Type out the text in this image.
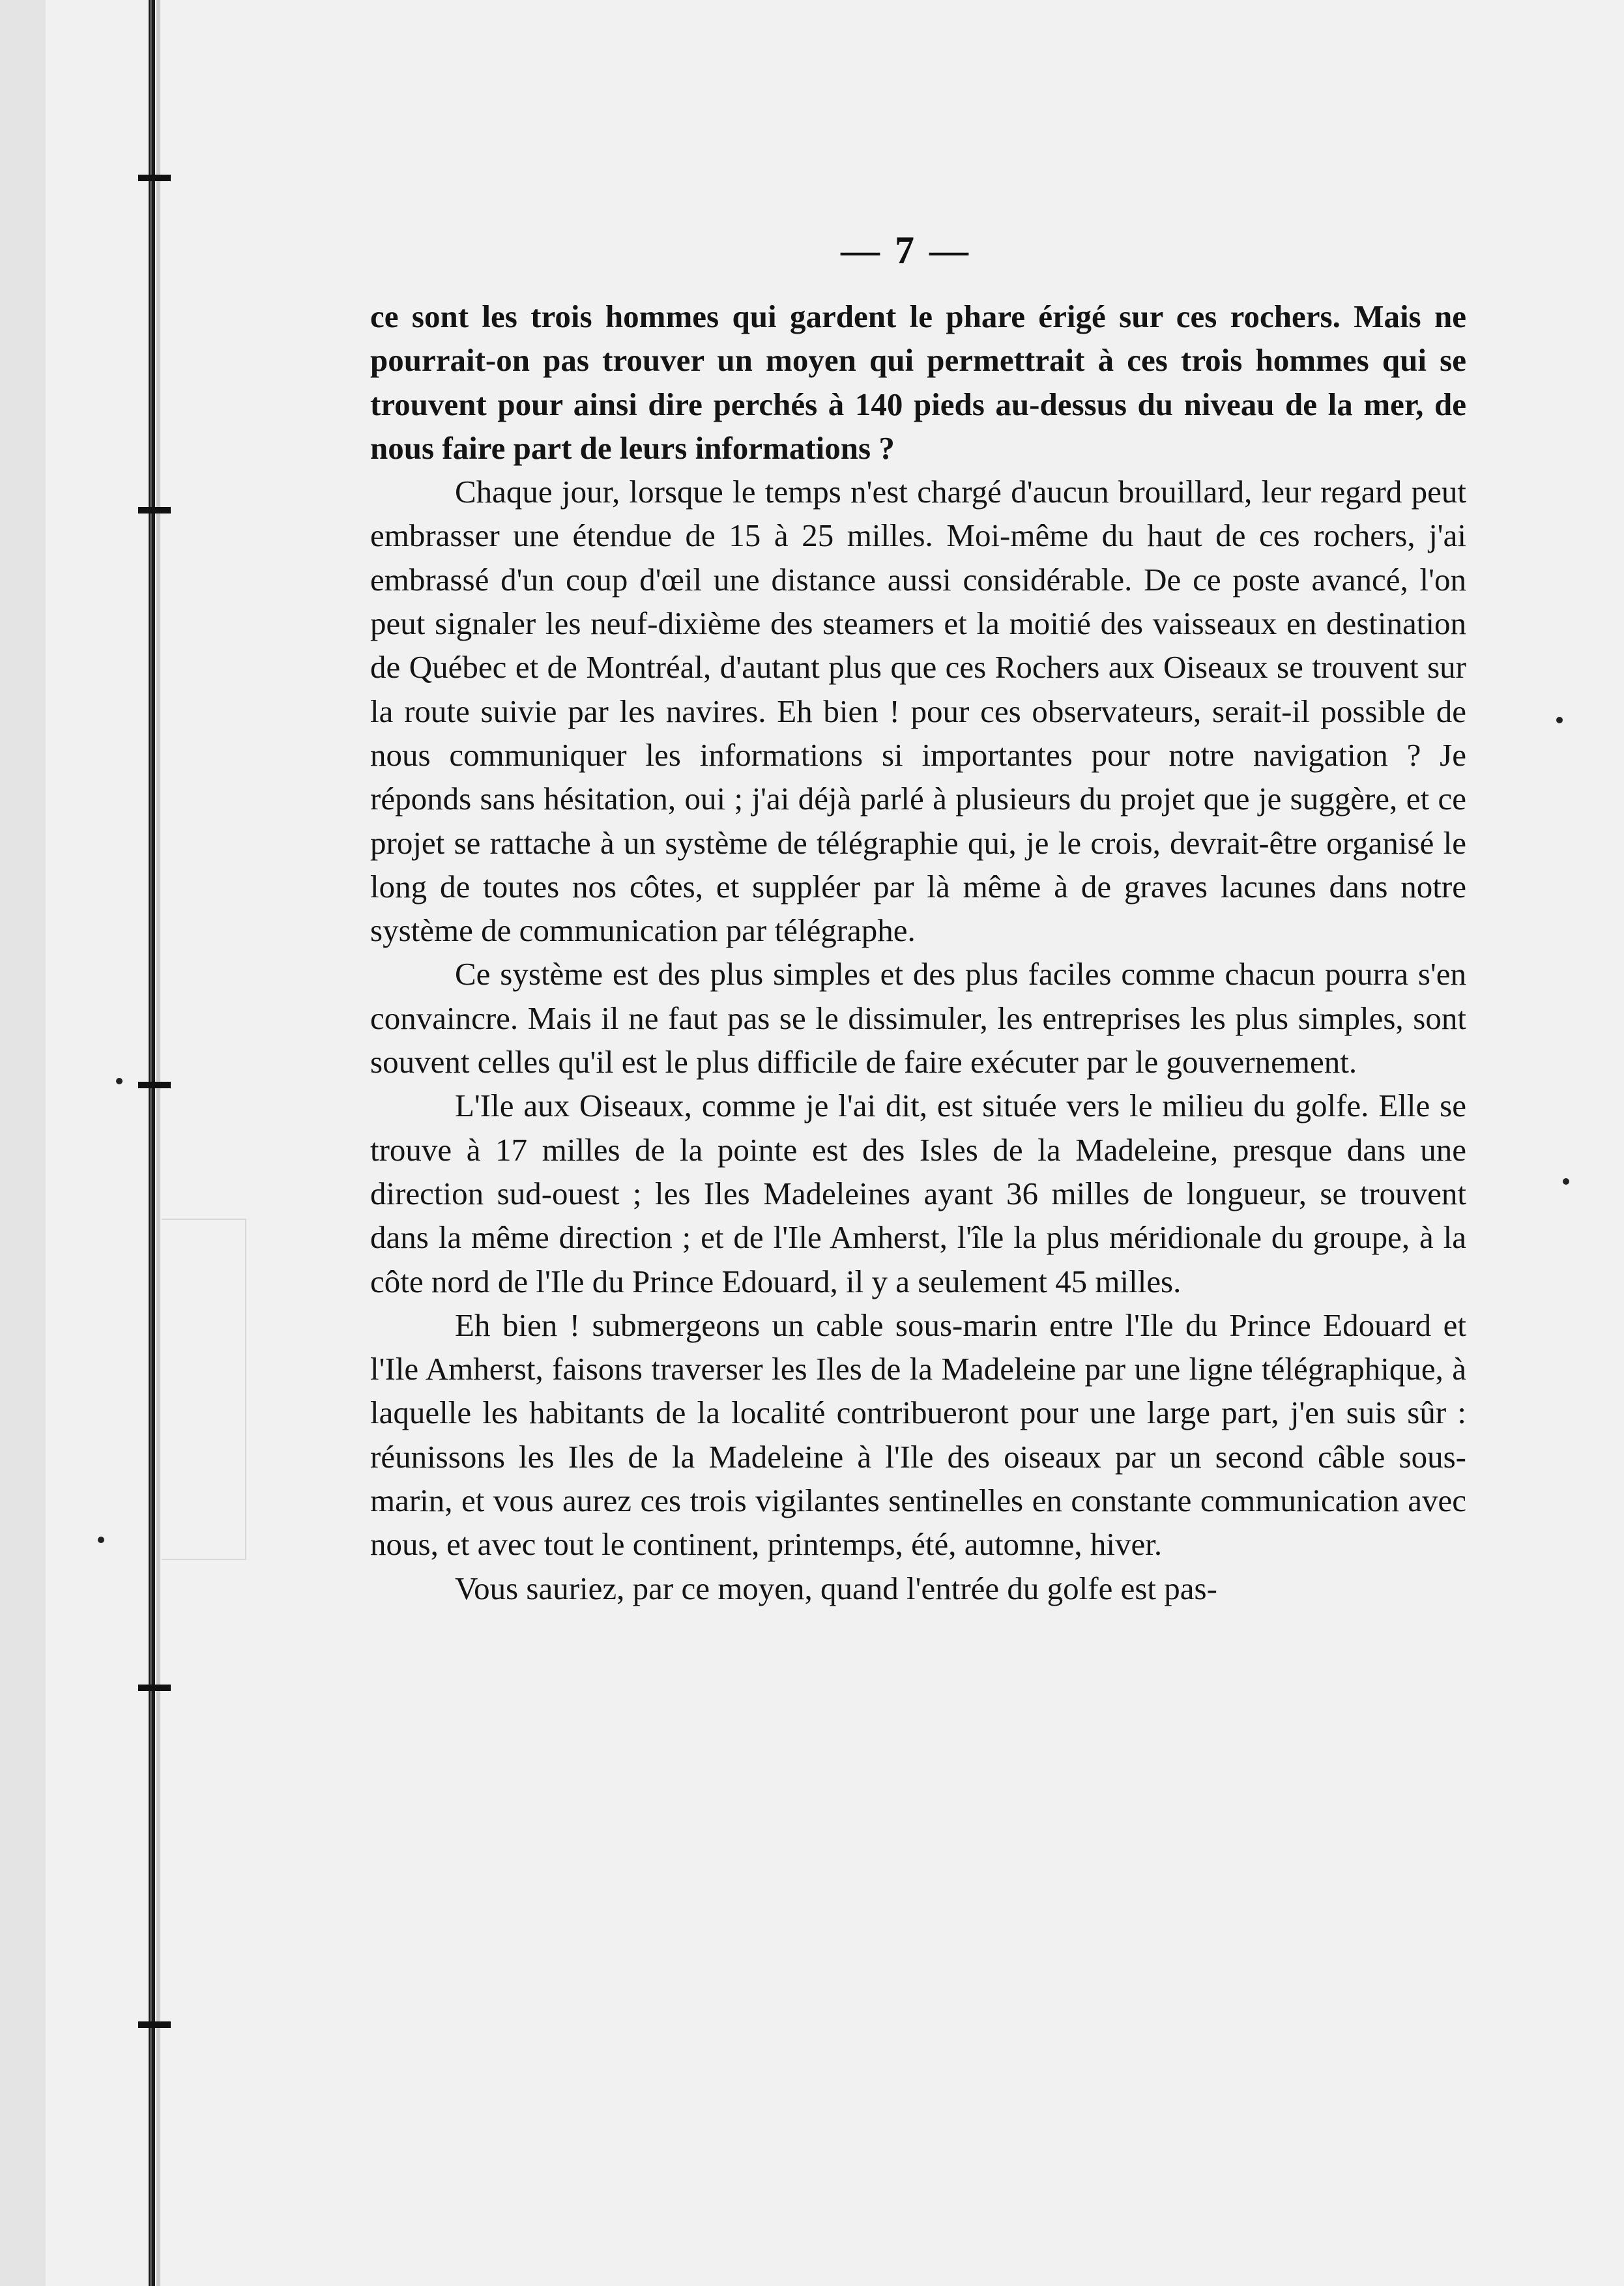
— 7 —

ce sont les trois hommes qui gardent le phare érigé sur ces rochers. Mais ne pourrait-on pas trouver un moyen qui permettrait à ces trois hommes qui se trouvent pour ainsi dire perchés à 140 pieds au-dessus du niveau de la mer, de nous faire part de leurs informations ?

Chaque jour, lorsque le temps n'est chargé d'aucun brouillard, leur regard peut embrasser une étendue de 15 à 25 milles. Moi-même du haut de ces rochers, j'ai embrassé d'un coup d'œil une distance aussi considérable. De ce poste avancé, l'on peut signaler les neuf-dixième des steamers et la moitié des vaisseaux en destination de Québec et de Montréal, d'autant plus que ces Rochers aux Oiseaux se trouvent sur la route suivie par les navires. Eh bien ! pour ces observateurs, serait-il possible de nous communiquer les informations si importantes pour notre navigation ? Je réponds sans hésitation, oui ; j'ai déjà parlé à plusieurs du projet que je suggère, et ce projet se rattache à un système de télégraphie qui, je le crois, devrait-être organisé le long de toutes nos côtes, et suppléer par là même à de graves lacunes dans notre système de communication par télégraphe.

Ce système est des plus simples et des plus faciles comme chacun pourra s'en convaincre. Mais il ne faut pas se le dissimuler, les entreprises les plus simples, sont souvent celles qu'il est le plus difficile de faire exécuter par le gouvernement.

L'Ile aux Oiseaux, comme je l'ai dit, est située vers le milieu du golfe. Elle se trouve à 17 milles de la pointe est des Isles de la Madeleine, presque dans une direction sud-ouest ; les Iles Madeleines ayant 36 milles de longueur, se trouvent dans la même direction ; et de l'Ile Amherst, l'île la plus méridionale du groupe, à la côte nord de l'Ile du Prince Edouard, il y a seulement 45 milles.

Eh bien ! submergeons un cable sous-marin entre l'Ile du Prince Edouard et l'Ile Amherst, faisons traverser les Iles de la Madeleine par une ligne télégraphique, à laquelle les habitants de la localité contribueront pour une large part, j'en suis sûr : réunissons les Iles de la Madeleine à l'Ile des oiseaux par un second câble sous-marin, et vous aurez ces trois vigilantes sentinelles en constante communication avec nous, et avec tout le continent, printemps, été, automne, hiver.

Vous sauriez, par ce moyen, quand l'entrée du golfe est pas-
